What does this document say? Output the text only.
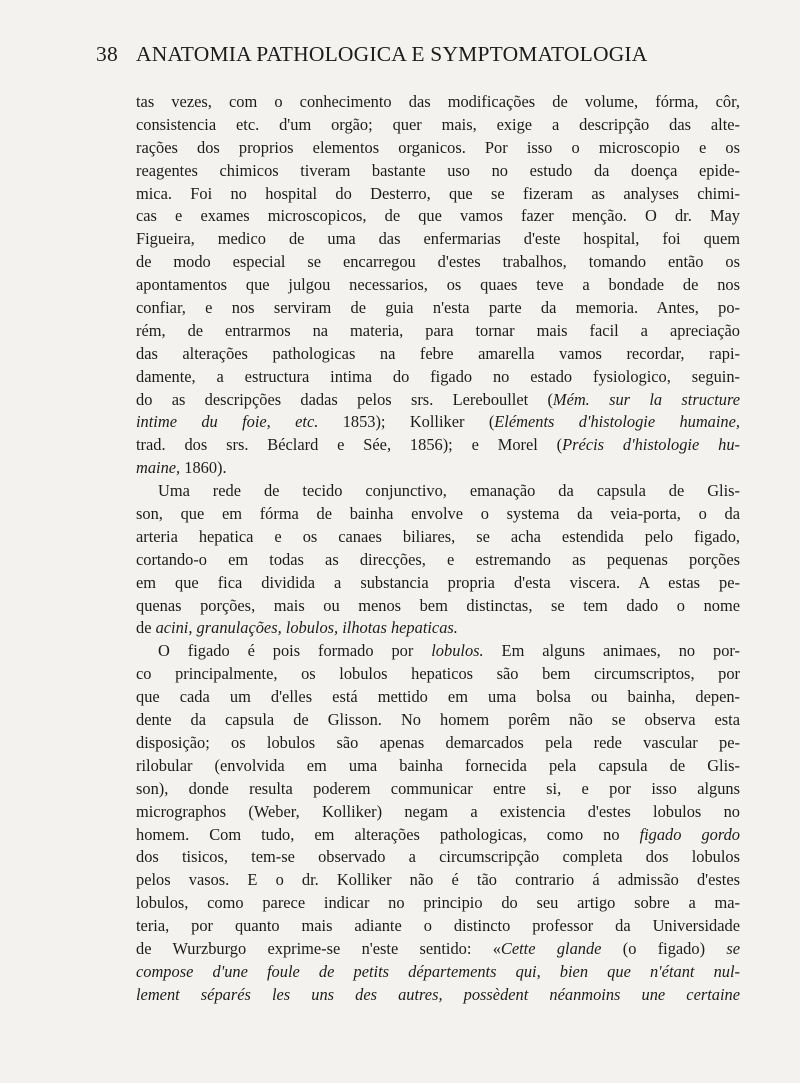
38 ANATOMIA PATHOLOGICA E SYMPTOMATOLOGIA
tas vezes, com o conhecimento das modificações de volume, fórma, côr,
consistencia etc. d'um orgão; quer mais, exige a descripção das alte-
rações dos proprios elementos organicos. Por isso o microscopio e os
reagentes chimicos tiveram bastante uso no estudo da doença epide-
mica. Foi no hospital do Desterro, que se fizeram as analyses chimi-
cas e exames microscopicos, de que vamos fazer menção. O dr. May
Figueira, medico de uma das enfermarias d'este hospital, foi quem
de modo especial se encarregou d'estes trabalhos, tomando então os
apontamentos que julgou necessarios, os quaes teve a bondade de nos
confiar, e nos serviram de guia n'esta parte da memoria. Antes, po-
rém, de entrarmos na materia, para tornar mais facil a apreciação
das alterações pathologicas na febre amarella vamos recordar, rapi-
damente, a estructura intima do figado no estado fysiologico, seguin-
do as descripções dadas pelos srs. Lereboullet (Mém. sur la structure
intime du foie, etc. 1853); Kolliker (Eléments d'histologie humaine,
trad. dos srs. Béclard e Sée, 1856); e Morel (Précis d'histologie hu-
maine, 1860).
Uma rede de tecido conjunctivo, emanação da capsula de Glis-
son, que em fórma de bainha envolve o systema da veia-porta, o da
arteria hepatica e os canaes biliares, se acha estendida pelo figado,
cortando-o em todas as direcções, e estremando as pequenas porções
em que fica dividida a substancia propria d'esta viscera. A estas pe-
quenas porções, mais ou menos bem distinctas, se tem dado o nome
de acini, granulações, lobulos, ilhotas hepaticas.
O figado é pois formado por lobulos. Em alguns animaes, no por-
co principalmente, os lobulos hepaticos são bem circumscriptos, por
que cada um d'elles está mettido em uma bolsa ou bainha, depen-
dente da capsula de Glisson. No homem porêm não se observa esta
disposição; os lobulos são apenas demarcados pela rede vascular pe-
rilobular (envolvida em uma bainha fornecida pela capsula de Glis-
son), donde resulta poderem communicar entre si, e por isso alguns
micrographos (Weber, Kolliker) negam a existencia d'estes lobulos no
homem. Com tudo, em alterações pathologicas, como no figado gordo
dos tisicos, tem-se observado a circumscripção completa dos lobulos
pelos vasos. E o dr. Kolliker não é tão contrario á admissão d'estes
lobulos, como parece indicar no principio do seu artigo sobre a ma-
teria, por quanto mais adiante o distincto professor da Universidade
de Wurzburgo exprime-se n'este sentido: «Cette glande (o figado) se
compose d'une foule de petits départements qui, bien que n'étant nul-
lement séparés les uns des autres, possèdent néanmoins une certaine
